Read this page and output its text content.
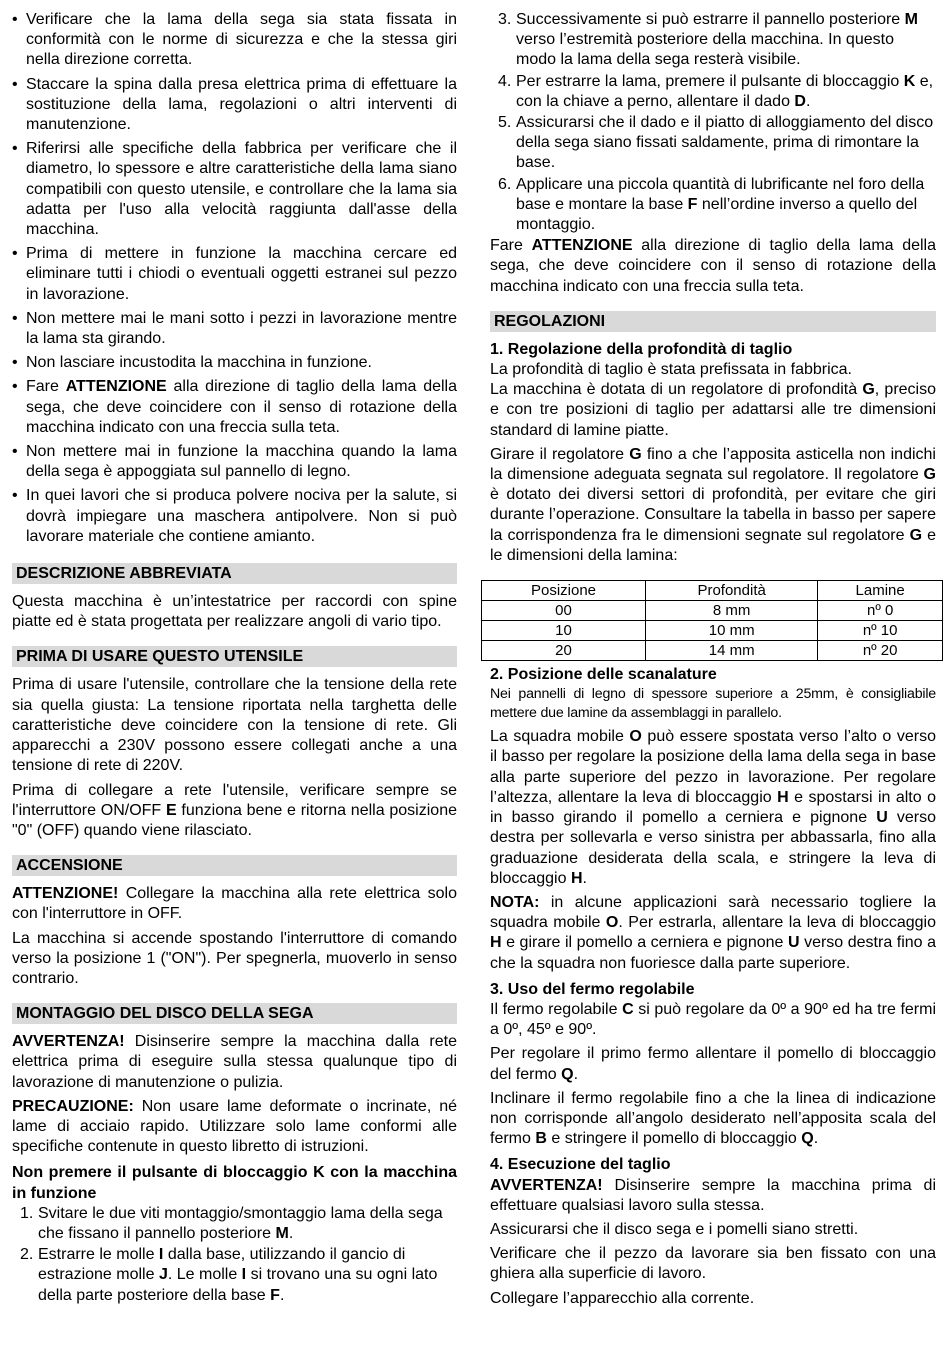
• Verificare che la lama della sega sia stata fissata in conformità con le norme di sicurezza e che la stessa giri nella direzione corretta.
• Staccare la spina dalla presa elettrica prima di effettuare la sostituzione della lama, regolazioni o altri interventi di manutenzione.
• Riferirsi alle specifiche della fabbrica per verificare che il diametro, lo spessore e altre caratteristiche della lama siano compatibili con questo utensile, e controllare che la lama sia adatta per l'uso alla velocità raggiunta dall'asse della macchina.
• Prima di mettere in funzione la macchina cercare ed eliminare tutti i chiodi o eventuali oggetti estranei sul pezzo in lavorazione.
• Non mettere mai le mani sotto i pezzi in lavorazione mentre la lama sta girando.
• Non lasciare incustodita la macchina in funzione.
• Fare ATTENZIONE alla direzione di taglio della lama della sega, che deve coincidere con il senso di rotazione della macchina indicato con una freccia sulla teta.
• Non mettere mai in funzione la macchina quando la lama della sega è appoggiata sul pannello di legno.
• In quei lavori che si produca polvere nociva per la salute, si dovrà impiegare una maschera antipolvere. Non si può lavorare materiale che contiene amianto.
DESCRIZIONE ABBREVIATA

Questa macchina è un’intestatrice per raccordi con spine piatte ed è stata progettata per realizzare angoli di vario tipo.

PRIMA DI USARE QUESTO UTENSILE

Prima di usare l'utensile, controllare che la tensione della rete sia quella giusta: La tensione riportata nella targhetta delle caratteristiche deve coincidere con la tensione di rete. Gli apparecchi a 230V possono essere collegati anche a una tensione di rete di 220V.

Prima di collegare a rete l'utensile, verificare sempre se l'interruttore ON/OFF E funziona bene e ritorna nella posizione "0" (OFF) quando viene rilasciato.

ACCENSIONE

ATTENZIONE! Collegare la macchina alla rete elettrica solo con l'interruttore in OFF.

La macchina si accende spostando l'interruttore di comando verso la posizione 1 ("ON"). Per spegnerla, muoverlo in senso contrario.

MONTAGGIO DEL DISCO DELLA SEGA

AVVERTENZA! Disinserire sempre la macchina dalla rete elettrica prima di eseguire sulla stessa qualunque tipo di lavorazione di manutenzione o pulizia.

PRECAUZIONE: Non usare lame deformate o incrinate, né lame di acciaio rapido. Utilizzare solo lame conformi alle specifiche contenute in questo libretto di istruzioni.

Non premere il pulsante di bloccaggio K con la macchina in funzione

1. Svitare le due viti montaggio/smontaggio lama della sega che fissano il pannello posteriore M.
2. Estrarre le molle I dalla base, utilizzando il gancio di estrazione molle J. Le molle I si trovano una su ogni lato della parte posteriore della base F.
3. Successivamente si può estrarre il pannello posteriore M verso l’estremità posteriore della macchina. In questo modo la lama della sega resterà visibile.
4. Per estrarre la lama, premere il pulsante di bloccaggio K e, con la chiave a perno, allentare il dado D.
5. Assicurarsi che il dado e il piatto di alloggiamento del disco della sega siano fissati saldamente, prima di rimontare la base.
6. Applicare una piccola quantità di lubrificante nel foro della base e montare la base F nell’ordine inverso a quello del montaggio.

Fare ATTENZIONE alla direzione di taglio della lama della sega, che deve coincidere con il senso di rotazione della macchina indicato con una freccia sulla teta.

REGOLAZIONI

1. Regolazione della profondità di taglio

La profondità di taglio è stata prefissata in fabbrica.

La macchina è dotata di un regolatore di profondità G, preciso e con tre posizioni di taglio per adattarsi alle tre dimensioni standard di lamine piatte.

Girare il regolatore G fino a che l’apposita asticella non indichi la dimensione adeguata segnata sul regolatore. Il regolatore G è dotato dei diversi settori di profondità, per evitare che giri durante l’operazione. Consultare la tabella in basso per sapere la corrispondenza fra le dimensioni segnate sul regolatore G e le dimensioni della lamina:

Posizione	Profondità	Lamine
00	8 mm	nº 0
10	10 mm	nº 10
20	14 mm	nº 20

2. Posizione delle scanalature

Nei pannelli di legno di spessore superiore a 25mm, è consigliabile mettere due lamine da assemblaggi in parallelo.

La squadra mobile O può essere spostata verso l’alto o verso il basso per regolare la posizione della lama della sega in base alla parte superiore del pezzo in lavorazione. Per regolare l’altezza, allentare la leva di bloccaggio H e spostarsi in alto o in basso girando il pomello a cerniera e pignone U verso destra per sollevarla e verso sinistra per abbassarla, fino alla graduazione desiderata della scala, e stringere la leva di bloccaggio H.

NOTA: in alcune applicazioni sarà necessario togliere la squadra mobile O. Per estrarla, allentare la leva di bloccaggio H e girare il pomello a cerniera e pignone U verso destra fino a che la squadra non fuoriesce dalla parte superiore.

3. Uso del fermo regolabile

Il fermo regolabile C si può regolare da 0º a 90º ed ha tre fermi a 0º, 45º e 90º.

Per regolare il primo fermo allentare il pomello di bloccaggio del fermo Q.

Inclinare il fermo regolabile fino a che la linea di indicazione non corrisponde all’angolo desiderato nell’apposita scala del fermo B e stringere il pomello di bloccaggio Q.

4. Esecuzione del taglio

AVVERTENZA! Disinserire sempre la macchina prima di effettuare qualsiasi lavoro sulla stessa.

Assicurarsi che il disco sega e i pomelli siano stretti.

Verificare che il pezzo da lavorare sia ben fissato con una ghiera alla superficie di lavoro.

Collegare l’apparecchio alla corrente.
